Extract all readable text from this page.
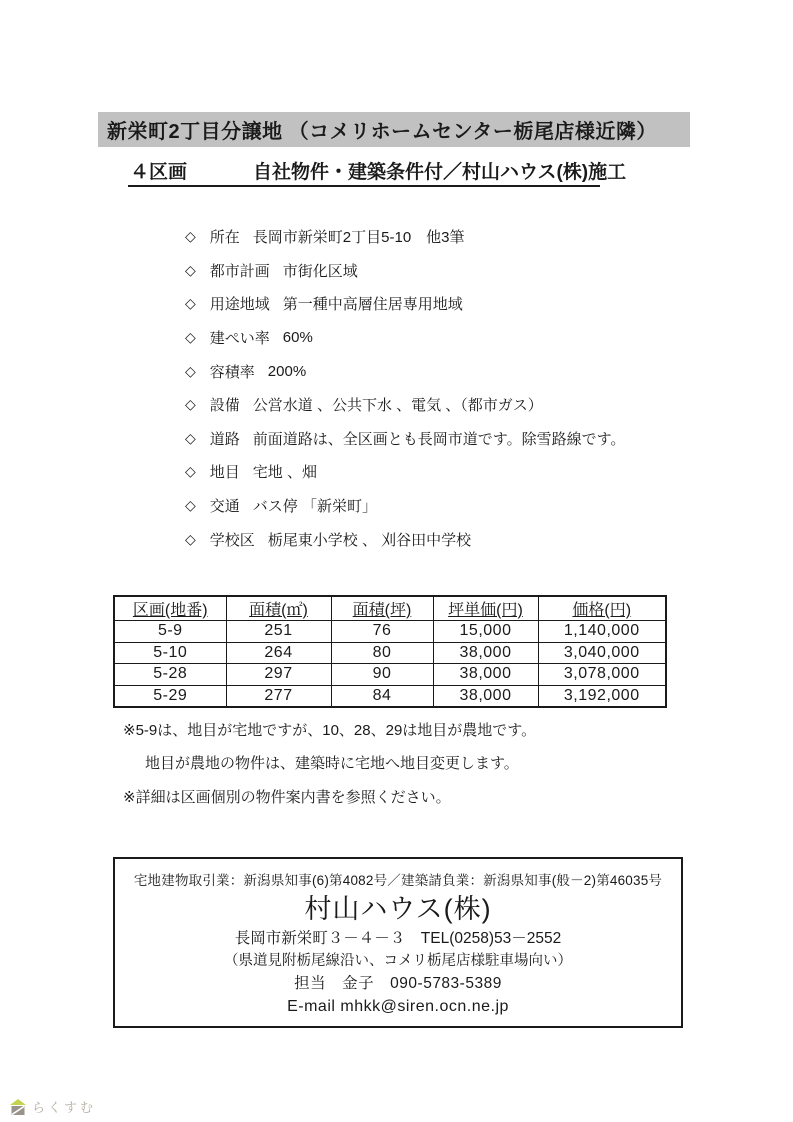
新栄町2丁目分譲地 （コメリホームセンター栃尾店様近隣）
４区画	自社物件・建築条件付／村山ハウス(株)施工
◇ 所在 長岡市新栄町2丁目5-10　他3筆
◇ 都市計画 市街化区域
◇ 用途地域 第一種中高層住居専用地域
◇ 建ぺい率 60%
◇ 容積率 200%
◇ 設備 公営水道 、公共下水 、電気 、（都市ガス）
◇ 道路 前面道路は、全区画とも長岡市道です。除雪路線です。
◇ 地目 宅地 、畑
◇ 交通 バス停 「新栄町」
◇ 学校区 栃尾東小学校 、 刈谷田中学校
区画(地番)	面積(㎡)	面積(坪)	坪単価(円)	価格(円)
5-9	251	76	15,000	1,140,000
5-10	264	80	38,000	3,040,000
5-28	297	90	38,000	3,078,000
5-29	277	84	38,000	3,192,000
※5-9は、地目が宅地ですが、10、28、29は地目が農地です。
地目が農地の物件は、建築時に宅地へ地目変更します。
※詳細は区画個別の物件案内書を参照ください。
宅地建物取引業：新潟県知事(6)第4082号／建築請負業：新潟県知事(般－2)第46035号
村山ハウス(株)
長岡市新栄町３－４－３　TEL(0258)53－2552
（県道見附栃尾線沿い、コメリ栃尾店様駐車場向い）
担当　金子　090-5783-5389
E-mail mhkk@siren.ocn.ne.jp
らくすむ
